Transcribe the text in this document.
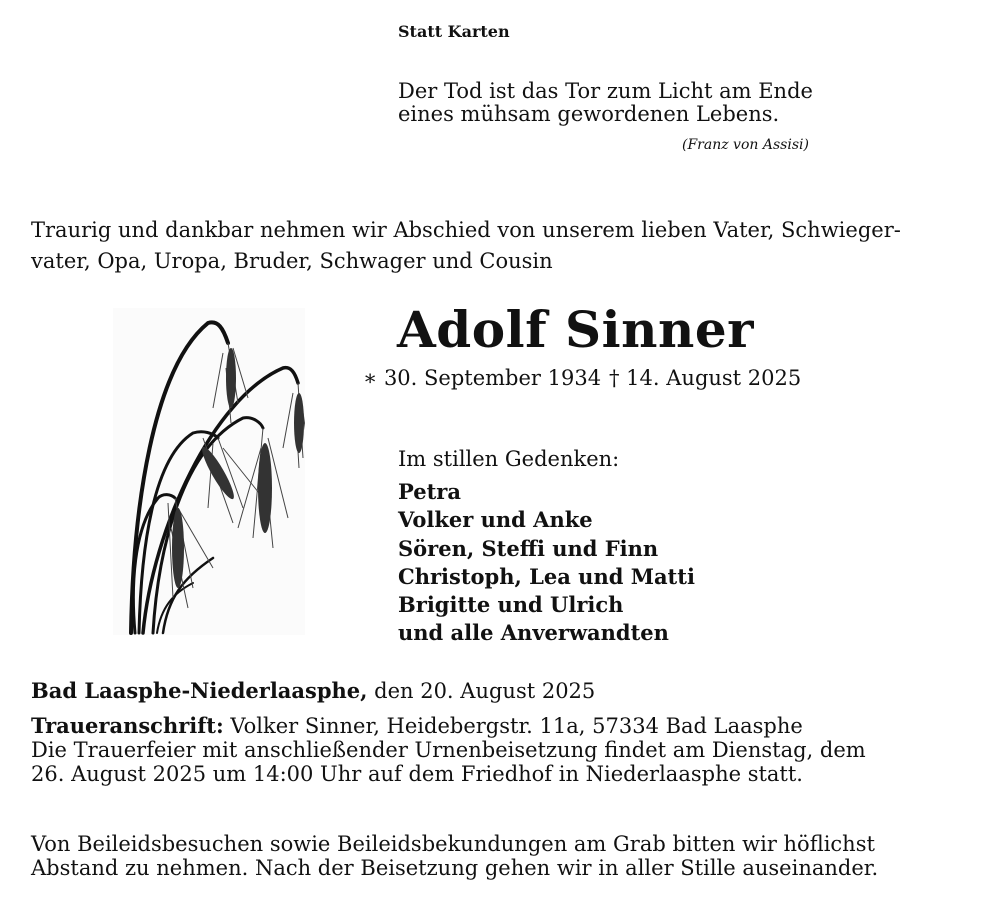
Statt Karten
Der Tod ist das Tor zum Licht am Ende
eines mühsam gewordenen Lebens.
(Franz von Assisi)
Traurig und dankbar nehmen wir Abschied von unserem lieben Vater, Schwieger-
vater, Opa, Uropa, Bruder, Schwager und Cousin
Adolf Sinner
∗ 30. September 1934 † 14. August 2025
Im stillen Gedenken:
Petra
Volker und Anke
Sören, Steffi und Finn
Christoph, Lea und Matti
Brigitte und Ulrich
und alle Anverwandten
Bad Laasphe-Niederlaasphe, den 20. August 2025
Traueranschrift: Volker Sinner, Heidebergstr. 11a, 57334 Bad Laasphe
Die Trauerfeier mit anschließender Urnenbeisetzung findet am Dienstag, dem
26. August 2025 um 14:00 Uhr auf dem Friedhof in Niederlaasphe statt.
Von Beileidsbesuchen sowie Beileidsbekundungen am Grab bitten wir höflichst
Abstand zu nehmen. Nach der Beisetzung gehen wir in aller Stille auseinander.
